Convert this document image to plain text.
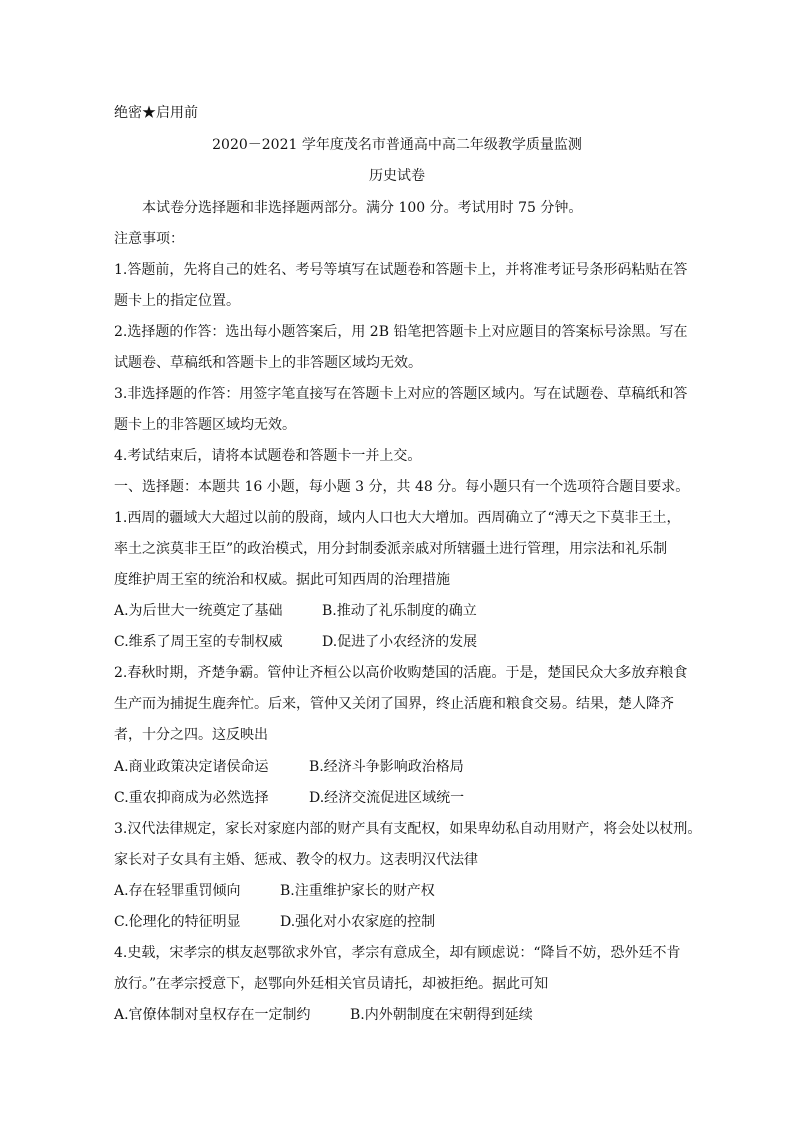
绝密★启用前
2020－2021 学年度茂名市普通高中高二年级教学质量监测
历史试卷
本试卷分选择题和非选择题两部分。满分 100 分。考试用时 75 分钟。
注意事项：
1.答题前，先将自己的姓名、考号等填写在试题卷和答题卡上，并将准考证号条形码粘贴在答
题卡上的指定位置。
2.选择题的作答：选出每小题答案后，用 2B 铅笔把答题卡上对应题目的答案标号涂黑。写在
试题卷、草稿纸和答题卡上的非答题区域均无效。
3.非选择题的作答：用签字笔直接写在答题卡上对应的答题区域内。写在试题卷、草稿纸和答
题卡上的非答题区域均无效。
4.考试结束后，请将本试题卷和答题卡一并上交。
一、选择题：本题共 16 小题，每小题 3 分，共 48 分。每小题只有一个选项符合题目要求。
1.西周的疆域大大超过以前的殷商，域内人口也大大增加。西周确立了“溥天之下莫非王土，
率土之滨莫非王臣”的政治模式，用分封制委派亲戚对所辖疆土进行管理，用宗法和礼乐制
度维护周王室的统治和权威。据此可知西周的治理措施
A.为后世大一统奠定了基础	B.推动了礼乐制度的确立
C.维系了周王室的专制权威	D.促进了小农经济的发展
2.春秋时期，齐楚争霸。管仲让齐桓公以高价收购楚国的活鹿。于是，楚国民众大多放弃粮食
生产而为捕捉生鹿奔忙。后来，管仲又关闭了国界，终止活鹿和粮食交易。结果，楚人降齐
者，十分之四。这反映出
A.商业政策决定诸侯命运	B.经济斗争影响政治格局
C.重农抑商成为必然选择	D.经济交流促进区域统一
3.汉代法律规定，家长对家庭内部的财产具有支配权，如果卑幼私自动用财产，将会处以杖刑。
家长对子女具有主婚、惩戒、教令的权力。这表明汉代法律
A.存在轻罪重罚倾向	B.注重维护家长的财产权
C.伦理化的特征明显	D.强化对小农家庭的控制
4.史载，宋孝宗的棋友赵鄂欲求外官，孝宗有意成全，却有顾虑说：“降旨不妨，恐外廷不肯
放行。”在孝宗授意下，赵鄂向外廷相关官员请托，却被拒绝。据此可知
A.官僚体制对皇权存在一定制约	B.内外朝制度在宋朝得到延续
